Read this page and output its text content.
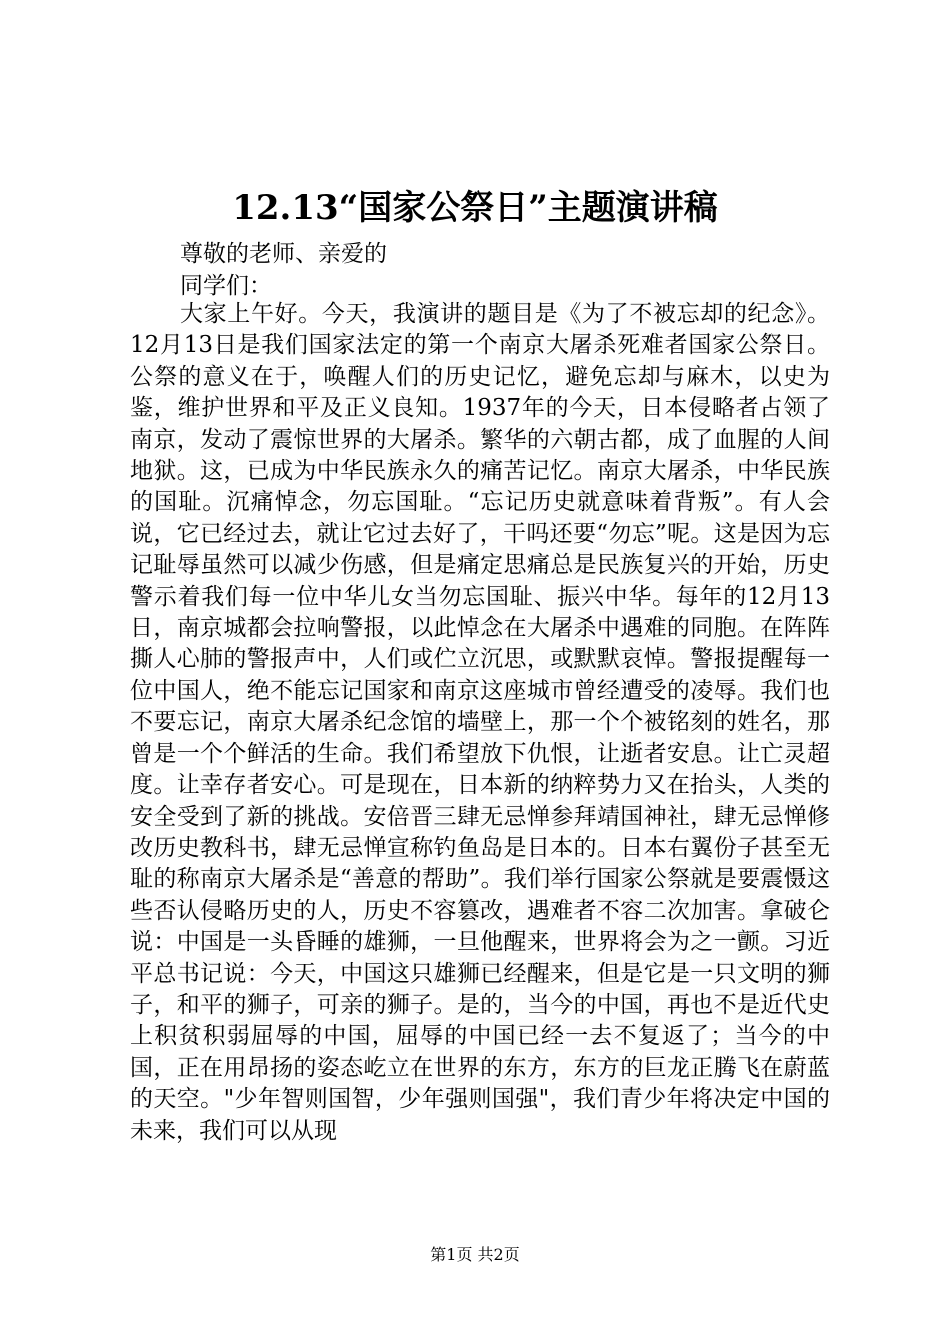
12.13“国家公祭日”主题演讲稿

尊敬的老师、亲爱的

同学们：

大家上午好。今天，我演讲的题目是《为了不被忘却的纪念》。12月13日是我们国家法定的第一个南京大屠杀死难者国家公祭日。公祭的意义在于，唤醒人们的历史记忆，避免忘却与麻木，以史为鉴，维护世界和平及正义良知。1937年的今天，日本侵略者占领了南京，发动了震惊世界的大屠杀。繁华的六朝古都，成了血腥的人间地狱。这，已成为中华民族永久的痛苦记忆。南京大屠杀，中华民族的国耻。沉痛悼念，勿忘国耻。“忘记历史就意味着背叛”。有人会说，它已经过去，就让它过去好了，干吗还要“勿忘”呢。这是因为忘记耻辱虽然可以减少伤感，但是痛定思痛总是民族复兴的开始，历史警示着我们每一位中华儿女当勿忘国耻、振兴中华。每年的12月13日，南京城都会拉响警报，以此悼念在大屠杀中遇难的同胞。在阵阵撕人心肺的警报声中，人们或伫立沉思，或默默哀悼。警报提醒每一位中国人，绝不能忘记国家和南京这座城市曾经遭受的凌辱。我们也不要忘记，南京大屠杀纪念馆的墙壁上，那一个个被铭刻的姓名，那曾是一个个鲜活的生命。我们希望放下仇恨，让逝者安息。让亡灵超度。让幸存者安心。可是现在，日本新的纳粹势力又在抬头，人类的安全受到了新的挑战。安倍晋三肆无忌惮参拜靖国神社，肆无忌惮修改历史教科书，肆无忌惮宣称钓鱼岛是日本的。日本右翼份子甚至无耻的称南京大屠杀是“善意的帮助”。我们举行国家公祭就是要震慑这些否认侵略历史的人，历史不容篡改，遇难者不容二次加害。拿破仑说：中国是一头昏睡的雄狮，一旦他醒来，世界将会为之一颤。习近平总书记说：今天，中国这只雄狮已经醒来，但是它是一只文明的狮子，和平的狮子，可亲的狮子。是的，当今的中国，再也不是近代史上积贫积弱屈辱的中国，屈辱的中国已经一去不复返了；当今的中国，正在用昂扬的姿态屹立在世界的东方，东方的巨龙正腾飞在蔚蓝的天空。"少年智则国智，少年强则国强"，我们青少年将决定中国的未来，我们可以从现

第1页 共2页
